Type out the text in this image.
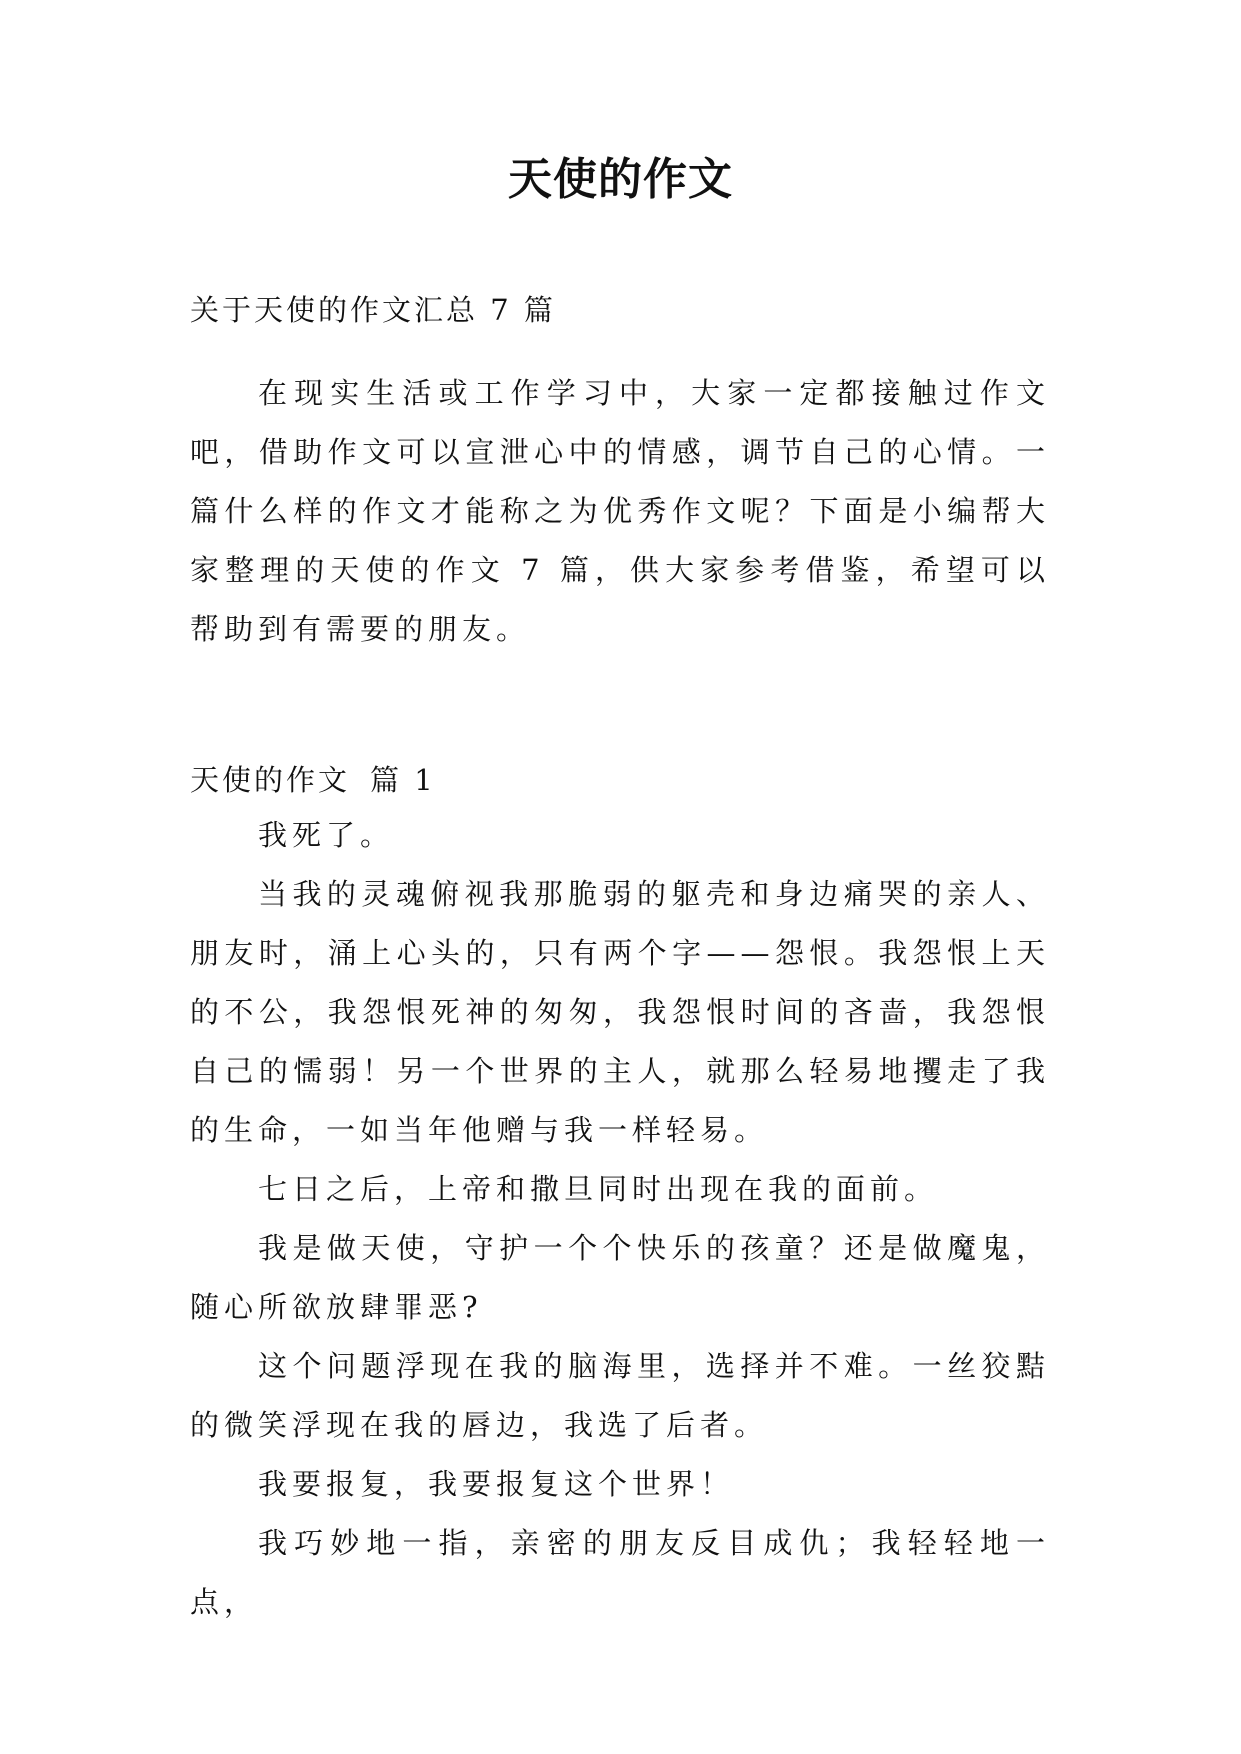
天使的作文
关于天使的作文汇总 7 篇

在现实生活或工作学习中，大家一定都接触过作文吧，借助作文可以宣泄心中的情感，调节自己的心情。一篇什么样的作文才能称之为优秀作文呢？下面是小编帮大家整理的天使的作文 7 篇，供大家参考借鉴，希望可以帮助到有需要的朋友。

天使的作文 篇 1

我死了。

当我的灵魂俯视我那脆弱的躯壳和身边痛哭的亲人、朋友时，涌上心头的，只有两个字——怨恨。我怨恨上天的不公，我怨恨死神的匆匆，我怨恨时间的吝啬，我怨恨自己的懦弱！另一个世界的主人，就那么轻易地攫走了我的生命，一如当年他赠与我一样轻易。

七日之后，上帝和撒旦同时出现在我的面前。

我是做天使，守护一个个快乐的孩童？还是做魔鬼，随心所欲放肆罪恶?

这个问题浮现在我的脑海里，选择并不难。一丝狡黠的微笑浮现在我的唇边，我选了后者。

我要报复，我要报复这个世界！

我巧妙地一指，亲密的朋友反目成仇；我轻轻地一点，
